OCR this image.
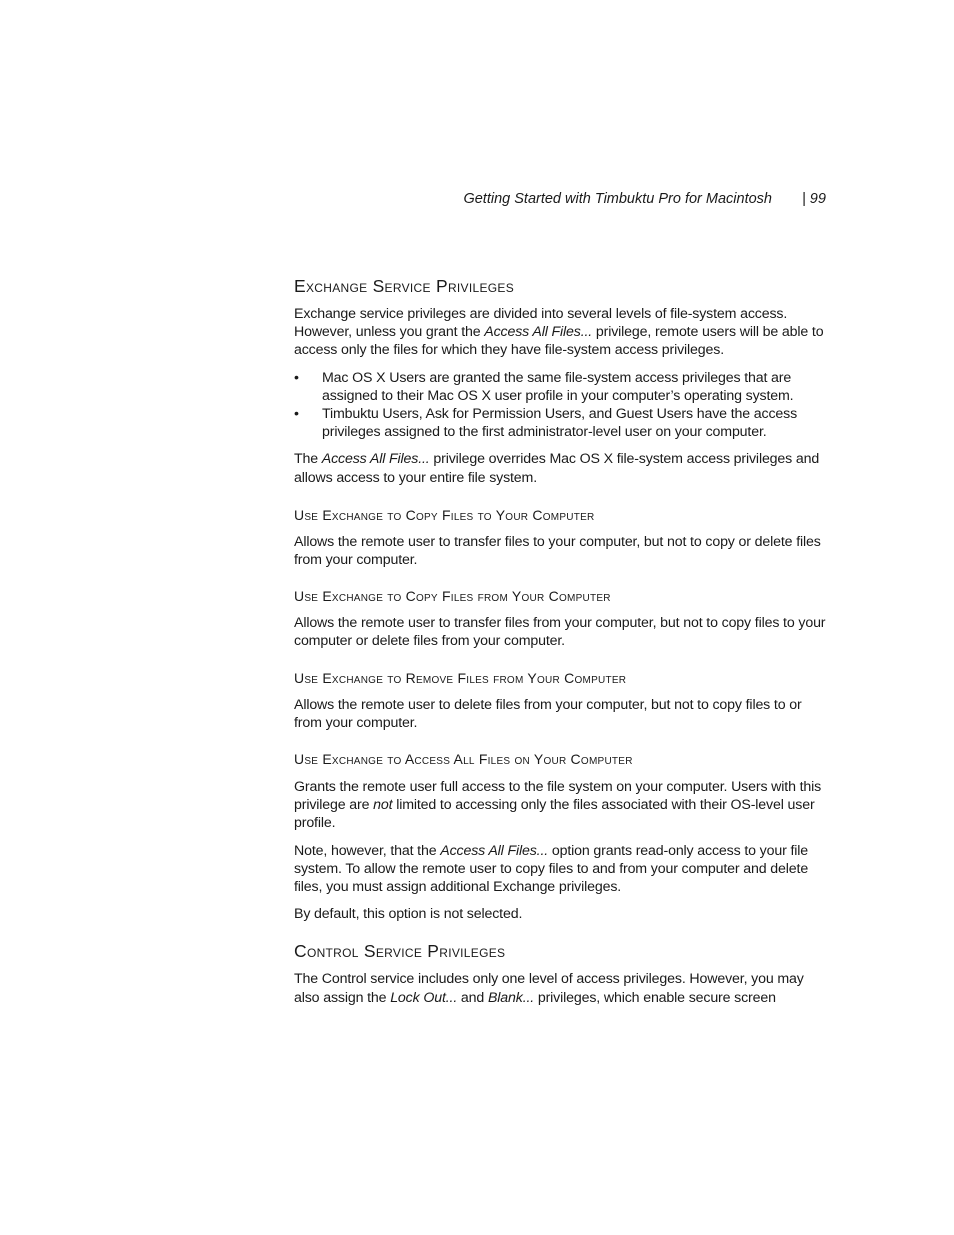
Getting Started with Timbuktu Pro for Macintosh | 99
Exchange Service Privileges

Exchange service privileges are divided into several levels of file-system access. However, unless you grant the Access All Files... privilege, remote users will be able to access only the files for which they have file-system access privileges.

• Mac OS X Users are granted the same file-system access privileges that are assigned to their Mac OS X user profile in your computer’s operating system.
• Timbuktu Users, Ask for Permission Users, and Guest Users have the access privileges assigned to the first administrator-level user on your computer.

The Access All Files... privilege overrides Mac OS X file-system access privileges and allows access to your entire file system.

Use Exchange to Copy Files to Your Computer

Allows the remote user to transfer files to your computer, but not to copy or delete files from your computer.

Use Exchange to Copy Files from Your Computer

Allows the remote user to transfer files from your computer, but not to copy files to your computer or delete files from your computer.

Use Exchange to Remove Files from Your Computer

Allows the remote user to delete files from your computer, but not to copy files to or from your computer.

Use Exchange to Access All Files on Your Computer

Grants the remote user full access to the file system on your computer. Users with this privilege are not limited to accessing only the files associated with their OS-level user profile.

Note, however, that the Access All Files... option grants read-only access to your file system. To allow the remote user to copy files to and from your computer and delete files, you must assign additional Exchange privileges.

By default, this option is not selected.

Control Service Privileges

The Control service includes only one level of access privileges. However, you may also assign the Lock Out... and Blank... privileges, which enable secure screen
